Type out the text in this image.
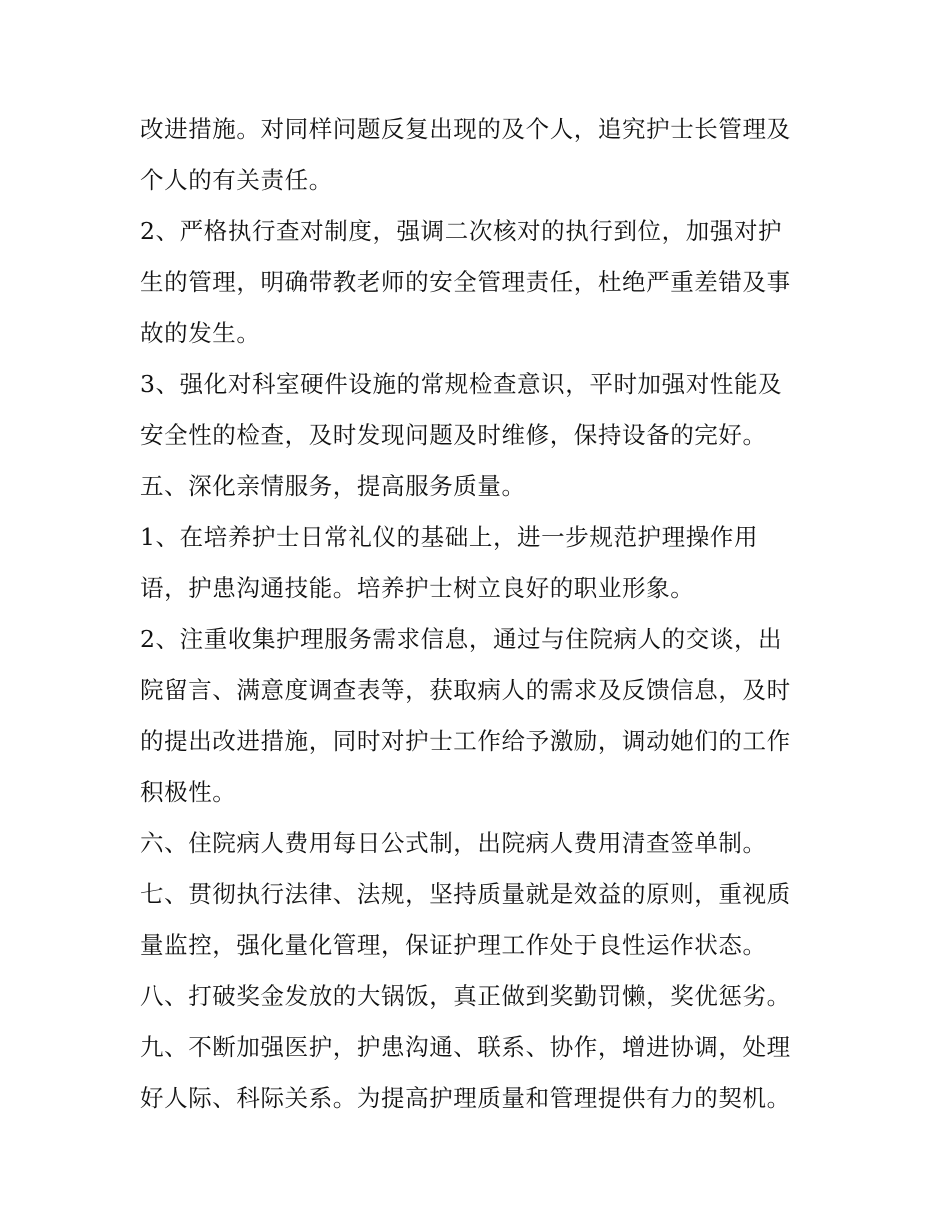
改进措施。对同样问题反复出现的及个人，追究护士长管理及
个人的有关责任。
2、严格执行查对制度，强调二次核对的执行到位，加强对护
生的管理，明确带教老师的安全管理责任，杜绝严重差错及事
故的发生。
3、强化对科室硬件设施的常规检查意识，平时加强对性能及
安全性的检查，及时发现问题及时维修，保持设备的完好。
五、深化亲情服务，提高服务质量。
1、在培养护士日常礼仪的基础上，进一步规范护理操作用
语，护患沟通技能。培养护士树立良好的职业形象。
2、注重收集护理服务需求信息，通过与住院病人的交谈，出
院留言、满意度调查表等，获取病人的需求及反馈信息，及时
的提出改进措施，同时对护士工作给予激励，调动她们的工作
积极性。
六、住院病人费用每日公式制，出院病人费用清查签单制。
七、贯彻执行法律、法规，坚持质量就是效益的原则，重视质
量监控，强化量化管理，保证护理工作处于良性运作状态。
八、打破奖金发放的大锅饭，真正做到奖勤罚懒，奖优惩劣。
九、不断加强医护，护患沟通、联系、协作，增进协调，处理
好人际、科际关系。为提高护理质量和管理提供有力的契机。
